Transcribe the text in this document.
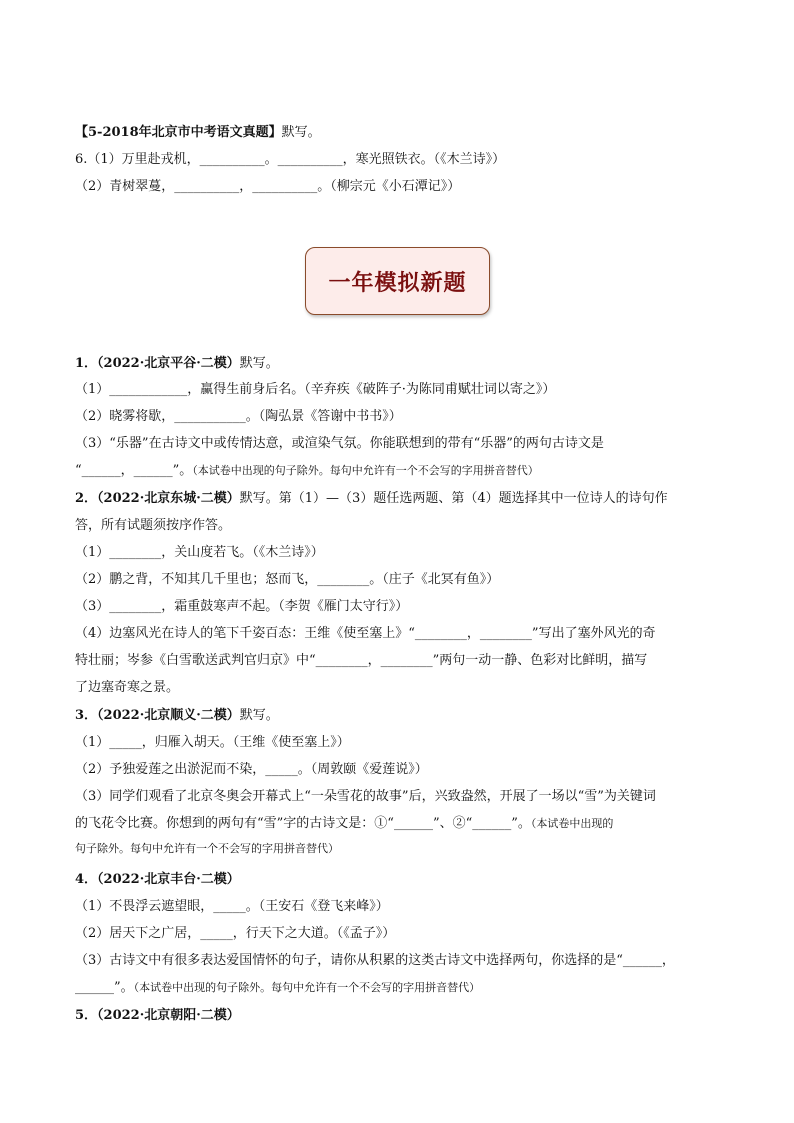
【5-2018年北京市中考语文真题】默写。
6.（1）万里赴戎机，__________。__________，寒光照铁衣。（《木兰诗》）
（2）青树翠蔓，__________，__________。（柳宗元《小石潭记》）
一年模拟新题
1．（2022·北京平谷·二模）默写。
（1）____________，赢得生前身后名。（辛弃疾《破阵子·为陈同甫赋壮词以寄之》）
（2）晓雾将歇，___________。（陶弘景《答谢中书书》）
（3）“乐器”在古诗文中或传情达意，或渲染气氛。你能联想到的带有“乐器”的两句古诗文是
“______，______”。（本试卷中出现的句子除外。每句中允许有一个不会写的字用拼音替代）
2．（2022·北京东城·二模）默写。第（1）—（3）题任选两题、第（4）题选择其中一位诗人的诗句作
答，所有试题须按序作答。
（1）________，关山度若飞。（《木兰诗》）
（2）鹏之背，不知其几千里也；怒而飞，________。（庄子《北冥有鱼》）
（3）________，霜重鼓寒声不起。（李贺《雁门太守行》）
（4）边塞风光在诗人的笔下千姿百态：王维《使至塞上》“________，________”写出了塞外风光的奇
特壮丽；岑参《白雪歌送武判官归京》中“________，________”两句一动一静、色彩对比鲜明，描写
了边塞奇寒之景。
3．（2022·北京顺义·二模）默写。
（1）_____，归雁入胡天。（王维《使至塞上》）
（2）予独爱莲之出淤泥而不染，_____。（周敦颐《爱莲说》）
（3）同学们观看了北京冬奥会开幕式上“一朵雪花的故事”后，兴致盎然，开展了一场以“雪”为关键词
的飞花令比赛。你想到的两句有“雪”字的古诗文是：①“______”、②“______”。（本试卷中出现的
句子除外。每句中允许有一个不会写的字用拼音替代）
4．（2022·北京丰台·二模）
（1）不畏浮云遮望眼，_____。（王安石《登飞来峰》）
（2）居天下之广居，_____，行天下之大道。（《孟子》）
（3）古诗文中有很多表达爱国情怀的句子，请你从积累的这类古诗文中选择两句，你选择的是“______，
______”。（本试卷中出现的句子除外。每句中允许有一个不会写的字用拼音替代）
5．（2022·北京朝阳·二模）
